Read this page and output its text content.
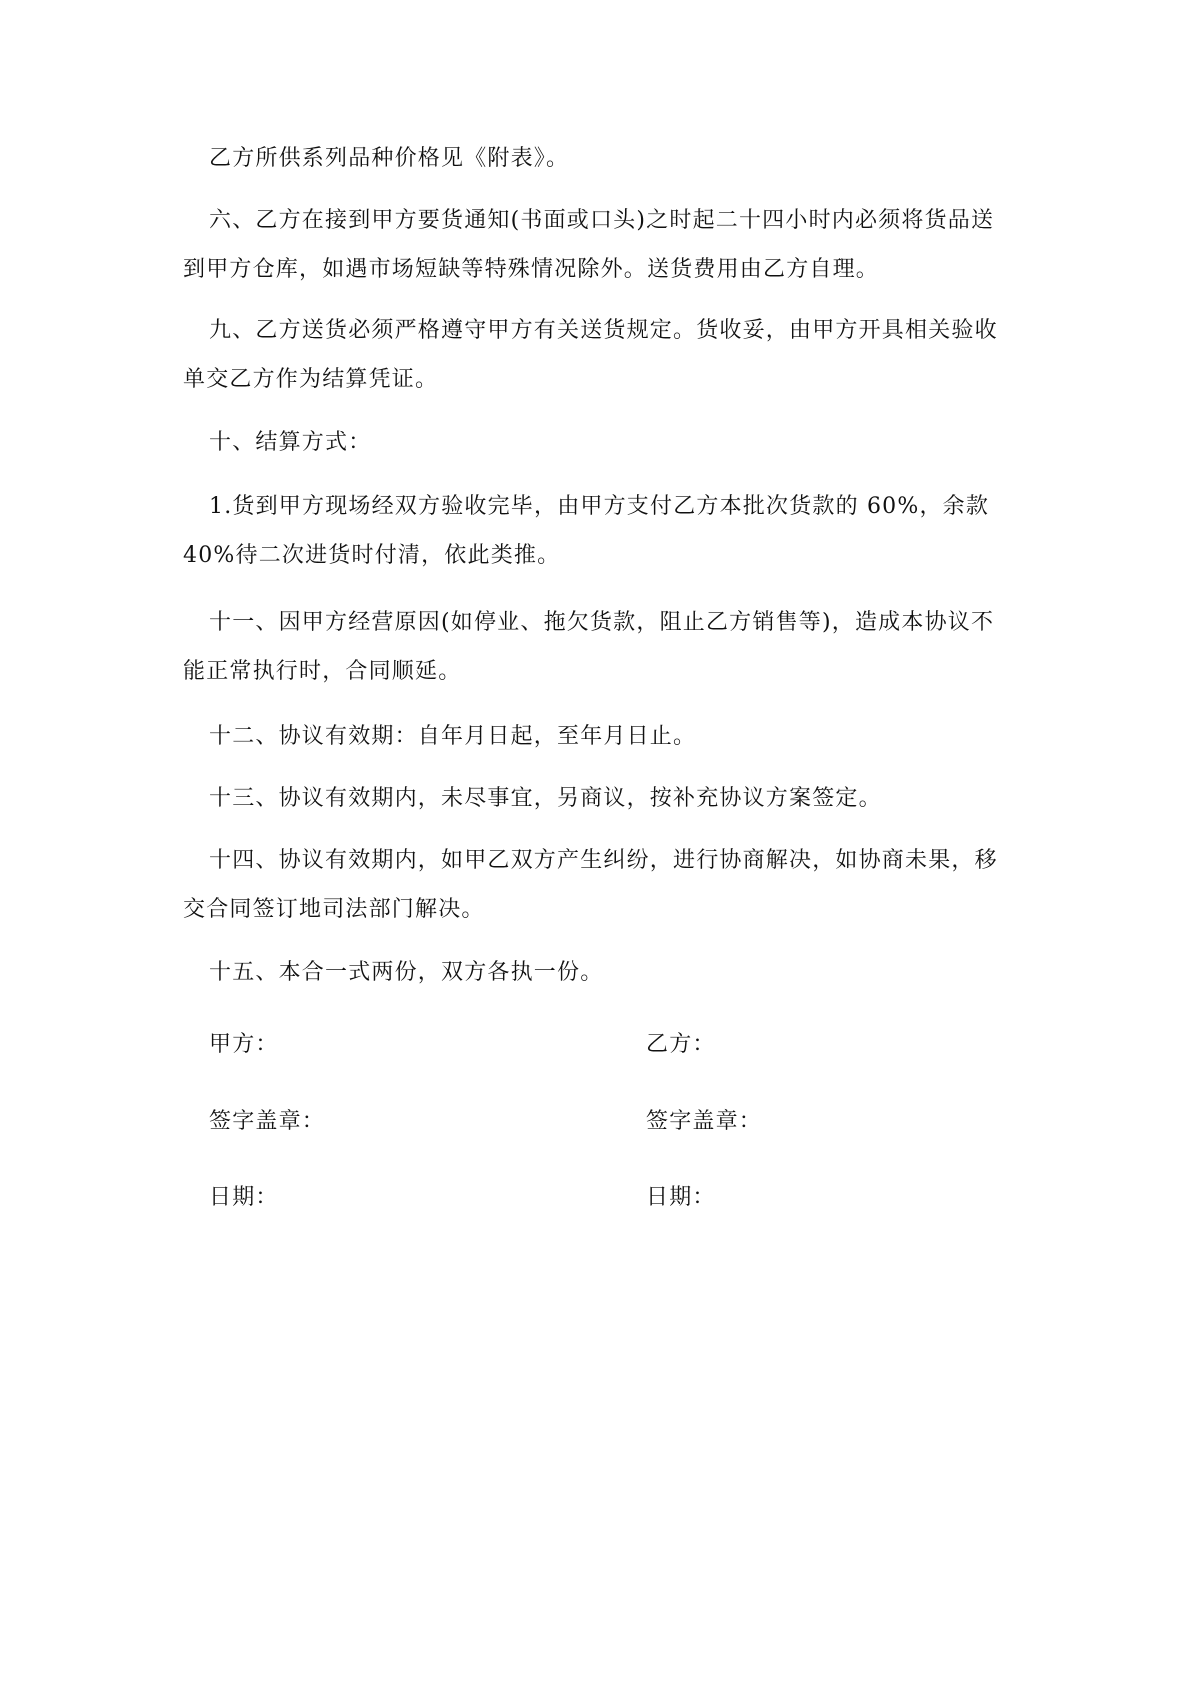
乙方所供系列品种价格见《附表》。
六、乙方在接到甲方要货通知(书面或口头)之时起二十四小时内必须将货品送到甲方仓库，如遇市场短缺等特殊情况除外。送货费用由乙方自理。
九、乙方送货必须严格遵守甲方有关送货规定。货收妥，由甲方开具相关验收单交乙方作为结算凭证。
十、结算方式：
1.货到甲方现场经双方验收完毕，由甲方支付乙方本批次货款的 60%，余款40%待二次进货时付清，依此类推。
十一、因甲方经营原因(如停业、拖欠货款，阻止乙方销售等)，造成本协议不能正常执行时，合同顺延。
十二、协议有效期：自年月日起，至年月日止。
十三、协议有效期内，未尽事宜，另商议，按补充协议方案签定。
十四、协议有效期内，如甲乙双方产生纠纷，进行协商解决，如协商未果，移交合同签订地司法部门解决。
十五、本合一式两份，双方各执一份。
甲方：	乙方：
签字盖章：	签字盖章：
日期：	日期：
